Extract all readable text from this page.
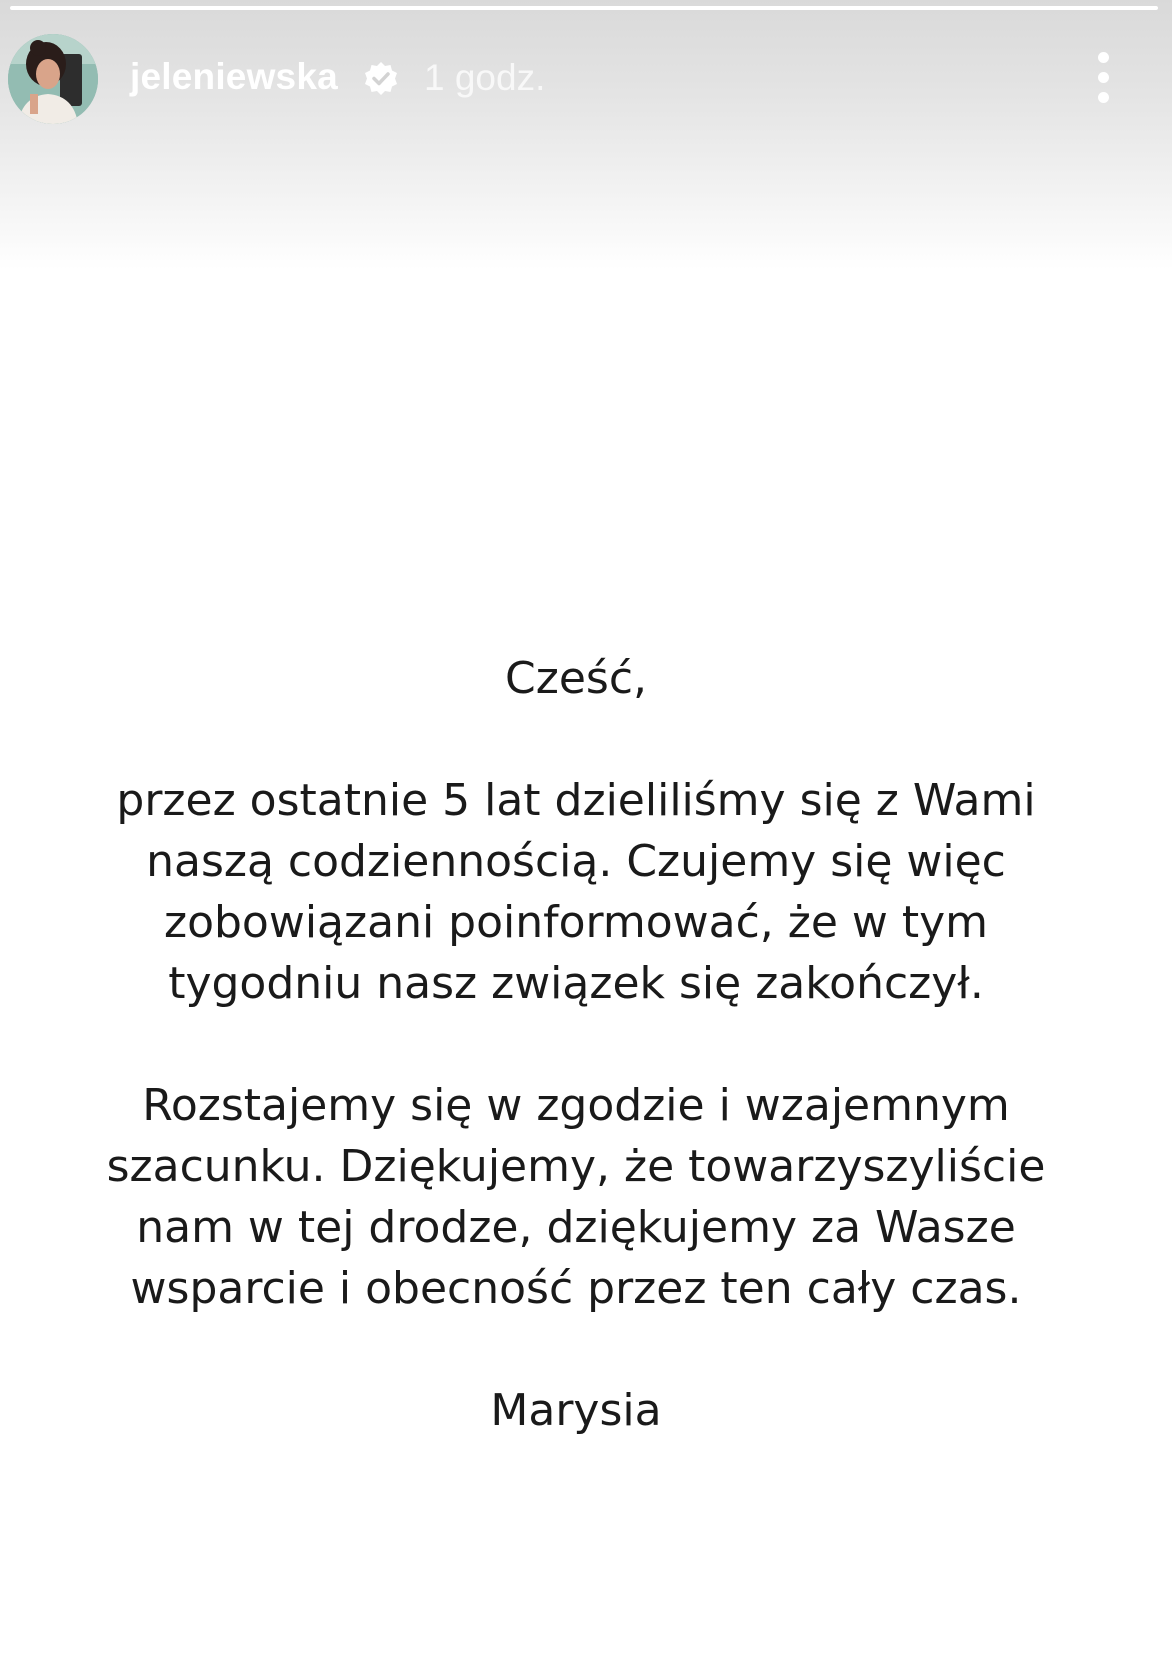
jeleniewska 1 godz.

Cześć,

przez ostatnie 5 lat dzieliliśmy się z Wami
naszą codziennością. Czujemy się więc
zobowiązani poinformować, że w tym
tygodniu nasz związek się zakończył.

Rozstajemy się w zgodzie i wzajemnym
szacunku. Dziękujemy, że towarzyszyliście
nam w tej drodze, dziękujemy za Wasze
wsparcie i obecność przez ten cały czas.

Marysia
